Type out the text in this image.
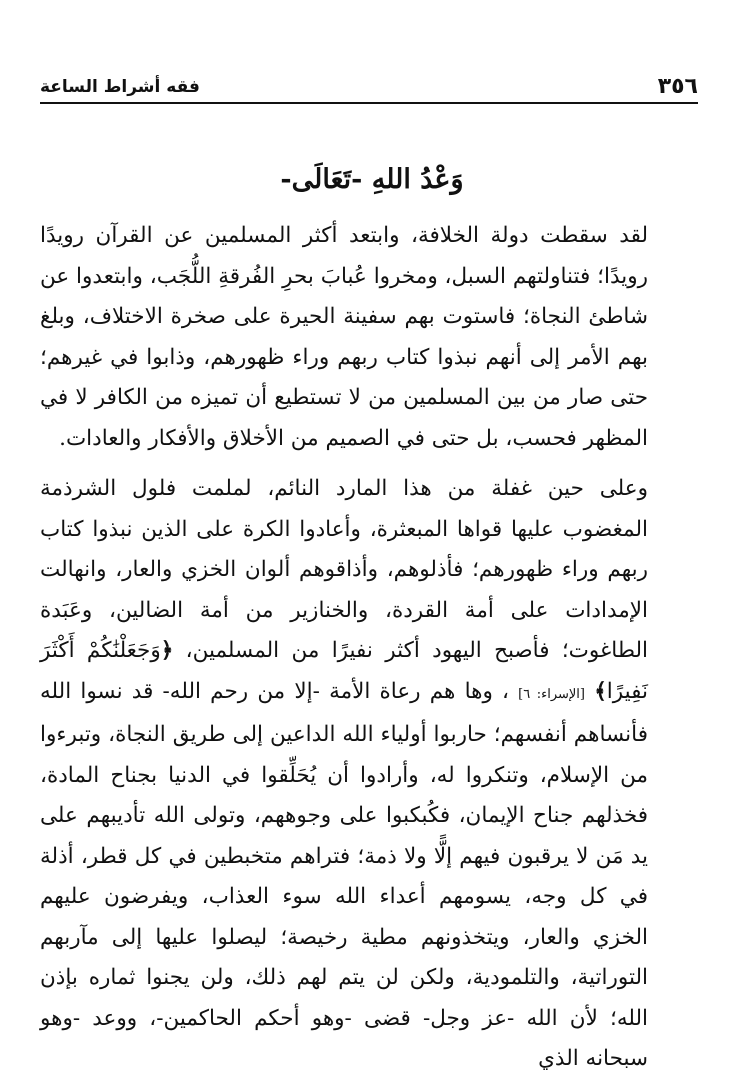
٣٥٦
فقه أشراط الساعة
وَعْدُ اللهِ -تَعَالَى-

لقد سقطت دولة الخلافة، وابتعد أكثر المسلمين عن القرآن رويدًا رويدًا؛ فتناولتهم السبل، ومخروا عُبابَ بحرِ الفُرقةِ اللُّجَب، وابتعدوا عن شاطئ النجاة؛ فاستوت بهم سفينة الحيرة على صخرة الاختلاف، وبلغ بهم الأمر إلى أنهم نبذوا كتاب ربهم وراء ظهورهم، وذابوا في غيرهم؛ حتى صار من بين المسلمين من لا تستطيع أن تميزه من الكافر لا في المظهر فحسب، بل حتى في الصميم من الأخلاق والأفكار والعادات.

وعلى حين غفلة من هذا المارد النائم، لملمت فلول الشرذمة المغضوب عليها قواها المبعثرة، وأعادوا الكرة على الذين نبذوا كتاب ربهم وراء ظهورهم؛ فأذلوهم، وأذاقوهم ألوان الخزي والعار، وانهالت الإمدادات على أمة القردة، والخنازير من أمة الضالين، وعَبَدة الطاغوت؛ فأصبح اليهود أكثر نفيرًا من المسلمين، ﴿وَجَعَلْنَٰكُمْ أَكْثَرَ نَفِيرًا﴾ [الإسراء: ٦] ، وها هم رعاة الأمة -إلا من رحم الله- قد نسوا الله فأنساهم أنفسهم؛ حاربوا أولياء الله الداعين إلى طريق النجاة، وتبرءوا من الإسلام، وتنكروا له، وأرادوا أن يُحَلِّقوا في الدنيا بجناح المادة، فخذلهم جناح الإيمان، فكُبكبوا على وجوههم، وتولى الله تأديبهم على يد مَن لا يرقبون فيهم إلًّا ولا ذمة؛ فتراهم متخبطين في كل قطر، أذلة في كل وجه، يسومهم أعداء الله سوء العذاب، ويفرضون عليهم الخزي والعار، ويتخذونهم مطية رخيصة؛ ليصلوا عليها إلى مآربهم التوراتية، والتلمودية، ولكن لن يتم لهم ذلك، ولن يجنوا ثماره بإذن الله؛ لأن الله -عز وجل- قضى -وهو أحكم الحاكمين-، ووعد -وهو سبحانه الذي
